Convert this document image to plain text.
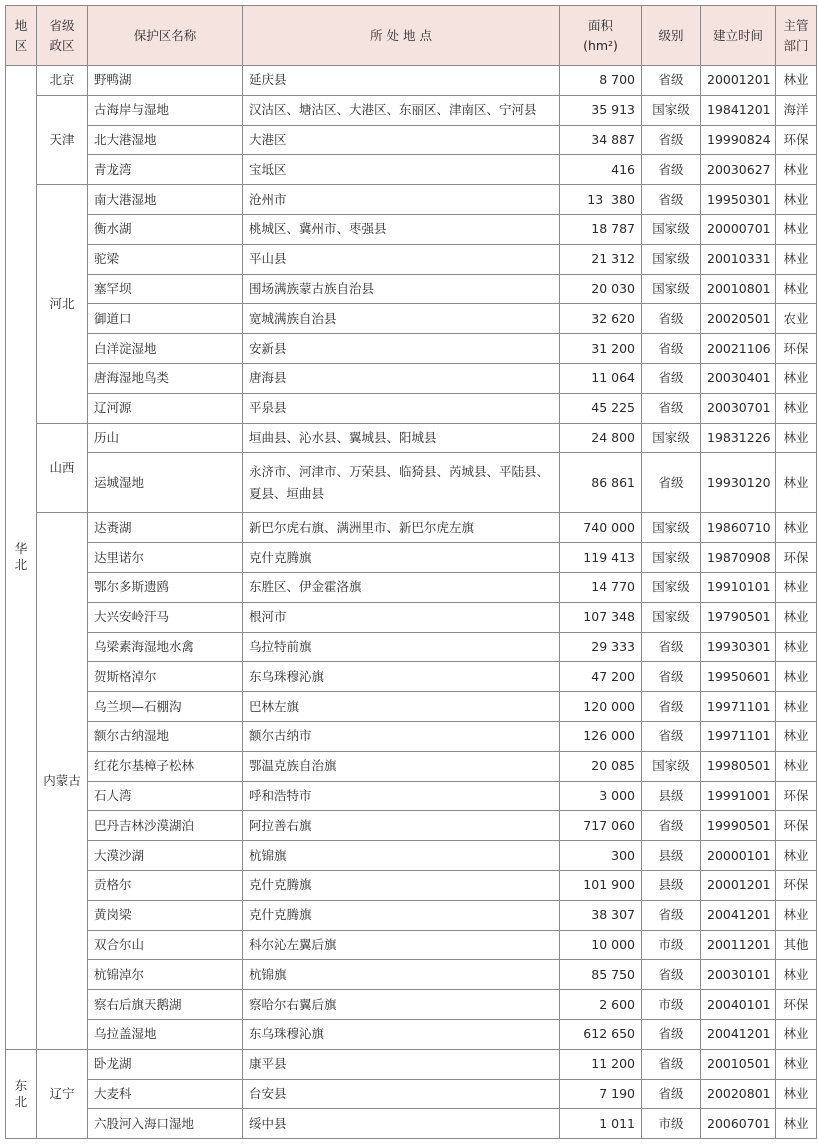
地区	省级政区	保护区名称	所 处 地 点	面积
(hm²)	级别	建立时间	主管部门
华北	北京	野鸭湖	延庆县	8 700	省级	20001201	林业
	天津	古海岸与湿地	汉沽区、塘沽区、大港区、东丽区、津南区、宁河县	35 913	国家级	19841201	海洋
		北大港湿地	大港区	34 887	省级	19990824	环保
		青龙湾	宝坻区	416	省级	20030627	林业
	河北	南大港湿地	沧州市	13  380	省级	19950301	林业
		衡水湖	桃城区、冀州市、枣强县	18 787	国家级	20000701	林业
		驼梁	平山县	21 312	国家级	20010331	林业
		塞罕坝	围场满族蒙古族自治县	20 030	国家级	20010801	林业
		御道口	宽城满族自治县	32 620	省级	20020501	农业
		白洋淀湿地	安新县	31 200	省级	20021106	环保
		唐海湿地鸟类	唐海县	11 064	省级	20030401	林业
		辽河源	平泉县	45 225	省级	20030701	林业
	山西	历山	垣曲县、沁水县、翼城县、阳城县	24 800	国家级	19831226	林业
		运城湿地	永济市、河津市、万荣县、临猗县、芮城县、平陆县、夏县、垣曲县	86 861	省级	19930120	林业
	内蒙古	达赉湖	新巴尔虎右旗、满洲里市、新巴尔虎左旗	740 000	国家级	19860710	林业
		达里诺尔	克什克腾旗	119 413	国家级	19870908	环保
		鄂尔多斯遗鸥	东胜区、伊金霍洛旗	14 770	国家级	19910101	林业
		大兴安岭汗马	根河市	107 348	国家级	19790501	林业
		乌梁素海湿地水禽	乌拉特前旗	29 333	省级	19930301	林业
		贺斯格淖尔	东乌珠穆沁旗	47 200	省级	19950601	林业
		乌兰坝—石棚沟	巴林左旗	120 000	省级	19971101	林业
		额尔古纳湿地	额尔古纳市	126 000	省级	19971101	林业
		红花尔基樟子松林	鄂温克族自治旗	20 085	国家级	19980501	林业
		石人湾	呼和浩特市	3 000	县级	19991001	环保
		巴丹吉林沙漠湖泊	阿拉善右旗	717 060	省级	19990501	环保
		大漠沙湖	杭锦旗	300	县级	20000101	林业
		贡格尔	克什克腾旗	101 900	县级	20001201	环保
		黄岗梁	克什克腾旗	38 307	省级	20041201	林业
		双合尔山	科尔沁左翼后旗	10 000	市级	20011201	其他
		杭锦淖尔	杭锦旗	85 750	省级	20030101	林业
		察右后旗天鹅湖	察哈尔右翼后旗	2 600	市级	20040101	环保
		乌拉盖湿地	东乌珠穆沁旗	612 650	省级	20041201	林业
东北	辽宁	卧龙湖	康平县	11 200	省级	20010501	林业
		大麦科	台安县	7 190	省级	20020801	林业
		六股河入海口湿地	绥中县	1 011	市级	20060701	林业
